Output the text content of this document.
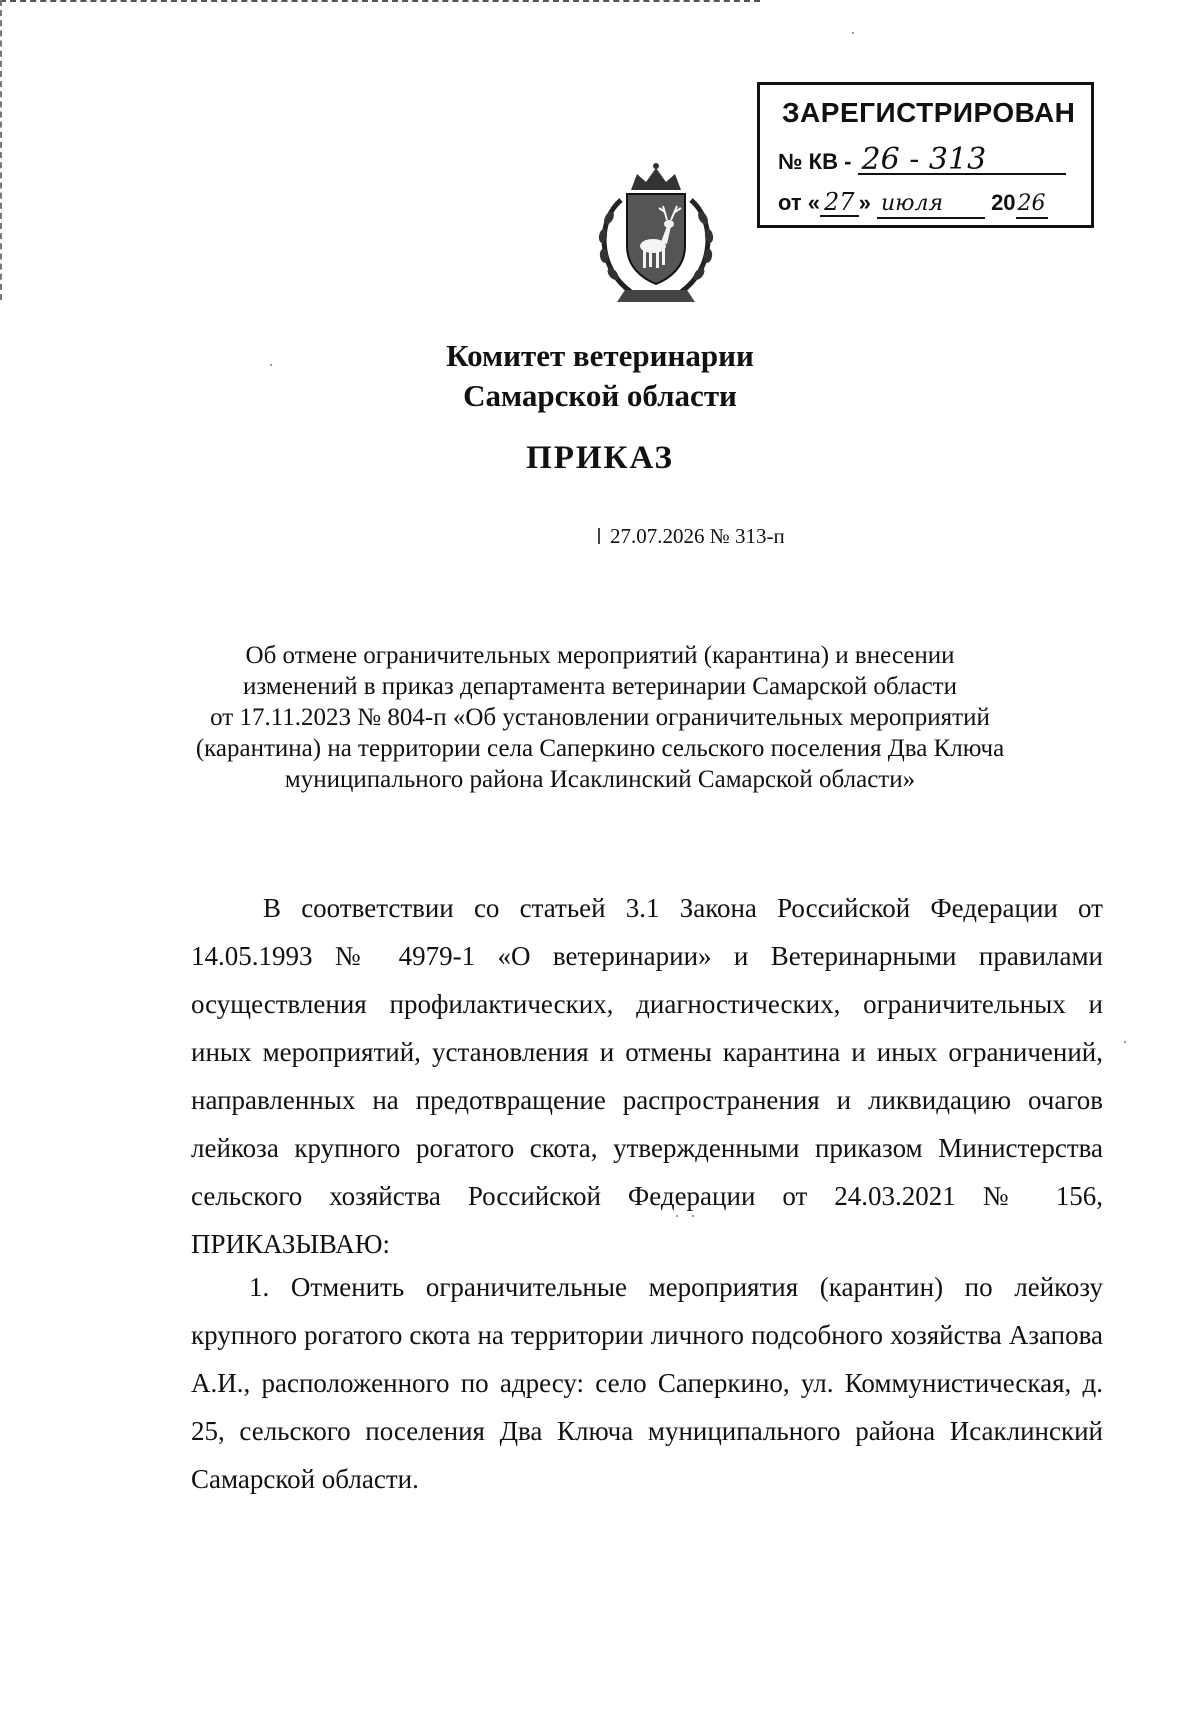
ЗАРЕГИСТРИРОВАН
№ КВ - 26 - 313
от « 27 » июля 2026
Комитет ветеринарии
Самарской области
ПРИКАЗ
27.07.2026 № 313-п
Об отмене ограничительных мероприятий (карантина) и внесении
изменений в приказ департамента ветеринарии Самарской области
от 17.11.2023 № 804-п «Об установлении ограничительных мероприятий
(карантина) на территории села Саперкино сельского поселения Два Ключа
муниципального района Исаклинский Самарской области»
В соответствии со статьей 3.1 Закона Российской Федерации от 14.05.1993 № 4979-1 «О ветеринарии» и Ветеринарными правилами осуществления профилактических, диагностических, ограничительных и иных мероприятий, установления и отмены карантина и иных ограничений, направленных на предотвращение распространения и ликвидацию очагов лейкоза крупного рогатого скота, утвержденными приказом Министерства сельского хозяйства Российской Федерации от 24.03.2021 № 156, ПРИКАЗЫВАЮ:
1. Отменить ограничительные мероприятия (карантин) по лейкозу крупного рогатого скота на территории личного подсобного хозяйства Азапова А.И., расположенного по адресу: село Саперкино, ул. Коммунистическая, д. 25, сельского поселения Два Ключа муниципального района Исаклинский Самарской области.
